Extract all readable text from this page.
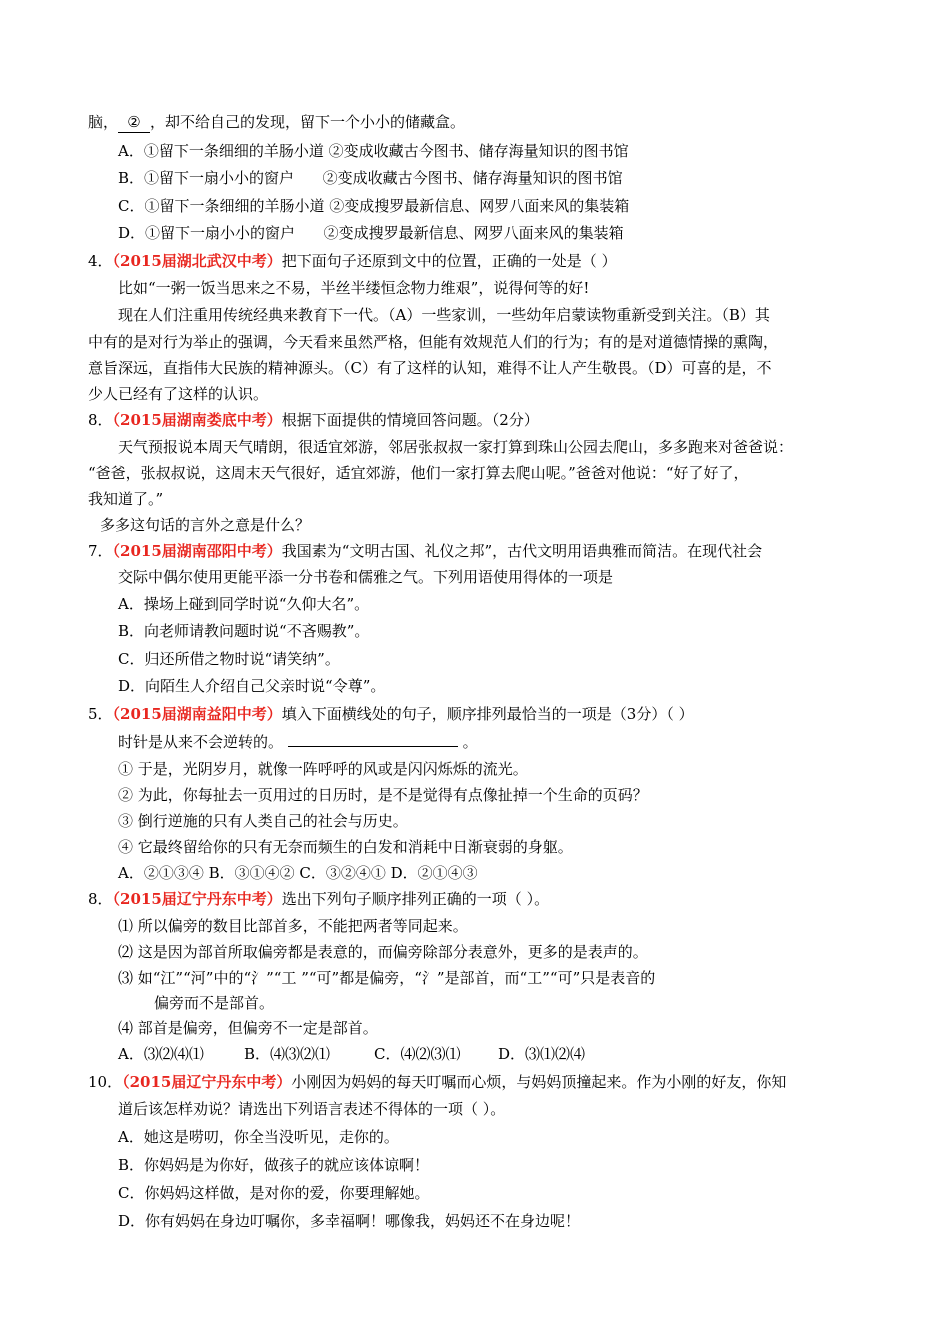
脑， ② ，却不给自己的发现，留下一个小小的储藏盒。
A．①留下一条细细的羊肠小道 ②变成收藏古今图书、储存海量知识的图书馆
B．①留下一扇小小的窗户      ②变成收藏古今图书、储存海量知识的图书馆
C．①留下一条细细的羊肠小道 ②变成搜罗最新信息、网罗八面来风的集装箱
D．①留下一扇小小的窗户      ②变成搜罗最新信息、网罗八面来风的集装箱
4．（2015届湖北武汉中考）把下面句子还原到文中的位置，正确的一处是（ ）
比如“一粥一饭当思来之不易，半丝半缕恒念物力维艰”，说得何等的好!
现在人们注重用传统经典来教育下一代。（A）一些家训，一些幼年启蒙读物重新受到关注。（B）其
中有的是对行为举止的强调，今天看来虽然严格，但能有效规范人们的行为；有的是对道德情操的熏陶，
意旨深远，直指伟大民族的精神源头。（C）有了这样的认知，难得不让人产生敬畏。（D）可喜的是，不
少人已经有了这样的认识。
8．（2015届湖南娄底中考）根据下面提供的情境回答问题。（2分）
天气预报说本周天气晴朗，很适宜郊游，邻居张叔叔一家打算到珠山公园去爬山，多多跑来对爸爸说：
“爸爸，张叔叔说，这周末天气很好，适宜郊游，他们一家打算去爬山呢。”爸爸对他说：“好了好了，
我知道了。”
多多这句话的言外之意是什么？
7．（2015届湖南邵阳中考）我国素为“文明古国、礼仪之邦”，古代文明用语典雅而简洁。在现代社会
交际中偶尔使用更能平添一分书卷和儒雅之气。下列用语使用得体的一项是
A．操场上碰到同学时说“久仰大名”。
B．向老师请教问题时说“不吝赐教”。
C．归还所借之物时说“请笑纳”。
D．向陌生人介绍自己父亲时说“令尊”。
5．（2015届湖南益阳中考）填入下面横线处的句子，顺序排列最恰当的一项是（3分）（ ）
时针是从来不会逆转的。	。
① 于是，光阴岁月，就像一阵呼呼的风或是闪闪烁烁的流光。
② 为此，你每扯去一页用过的日历时，是不是觉得有点像扯掉一个生命的页码？
③ 倒行逆施的只有人类自己的社会与历史。
④ 它最终留给你的只有无奈而频生的白发和消耗中日渐衰弱的身躯。
A．②①③④ B．③①④② C．③②④① D．②①④③
8．（2015届辽宁丹东中考）选出下列句子顺序排列正确的一项（ ）。
⑴ 所以偏旁的数目比部首多，不能把两者等同起来。
⑵ 这是因为部首所取偏旁都是表意的，而偏旁除部分表意外，更多的是表声的。
⑶ 如“江”“河”中的“氵”“工 ”“可”都是偏旁，“氵”是部首，而“工”“可”只是表音的
偏旁而不是部首。
⑷ 部首是偏旁，但偏旁不一定是部首。
A．⑶⑵⑷⑴	B．⑷⑶⑵⑴	C．⑷⑵⑶⑴	D．⑶⑴⑵⑷
10．（2015届辽宁丹东中考）小刚因为妈妈的每天叮嘱而心烦，与妈妈顶撞起来。作为小刚的好友，你知
道后该怎样劝说？请选出下列语言表述不得体的一项（ ）。
A．她这是唠叨，你全当没听见，走你的。
B．你妈妈是为你好，做孩子的就应该体谅啊！
C．你妈妈这样做，是对你的爱，你要理解她。
D．你有妈妈在身边叮嘱你，多幸福啊！哪像我，妈妈还不在身边呢！
